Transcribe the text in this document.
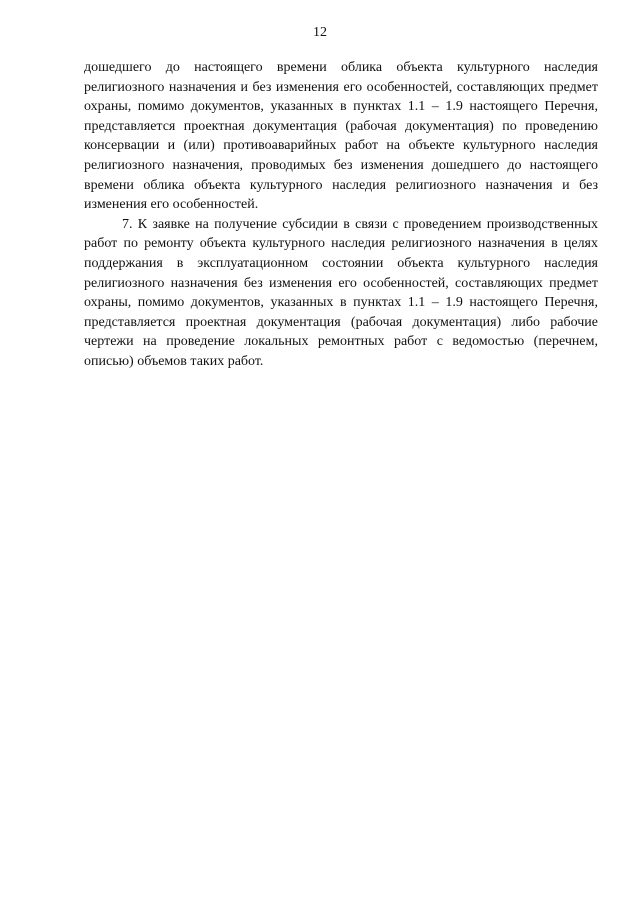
12

дошедшего до настоящего времени облика объекта культурного наследия религиозного назначения и без изменения его особенностей, составляющих предмет охраны, помимо документов, указанных в пунктах 1.1 – 1.9 настоящего Перечня, представляется проектная документация (рабочая документация) по проведению консервации и (или) противоаварийных работ на объекте культурного наследия религиозного назначения, проводимых без изменения дошедшего до настоящего времени облика объекта культурного наследия религиозного назначения и без изменения его особенностей.

7. К заявке на получение субсидии в связи с проведением производственных работ по ремонту объекта культурного наследия религиозного назначения в целях поддержания в эксплуатационном состоянии объекта культурного наследия религиозного назначения без изменения его особенностей, составляющих предмет охраны, помимо документов, указанных в пунктах 1.1 – 1.9 настоящего Перечня, представляется проектная документация (рабочая документация) либо рабочие чертежи на проведение локальных ремонтных работ с ведомостью (перечнем, описью) объемов таких работ.
